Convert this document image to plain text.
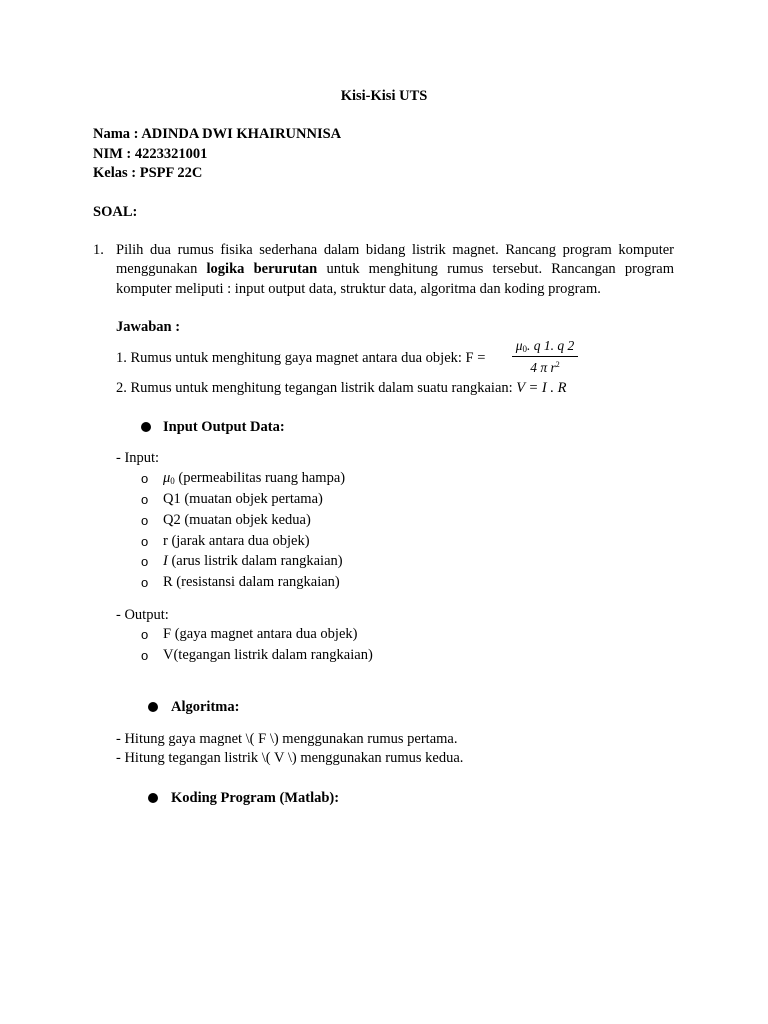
Kisi-Kisi UTS
Nama : ADINDA DWI KHAIRUNNISA
NIM : 4223321001
Kelas : PSPF 22C
SOAL:
1. Pilih dua rumus fisika sederhana dalam bidang listrik magnet. Rancang program komputer menggunakan logika berurutan untuk menghitung rumus tersebut. Rancangan program komputer meliputi : input output data, struktur data, algoritma dan koding program.
Jawaban :
1. Rumus untuk menghitung gaya magnet antara dua objek: F =
$\mu_0$. q 1. q 2
4 π $r^2$
2. Rumus untuk menghitung tegangan listrik dalam suatu rangkaian: V = I . R
Input Output Data:
- Input:
o $\mu_0$ (permeabilitas ruang hampa)
o Q1 (muatan objek pertama)
o Q2 (muatan objek kedua)
o r (jarak antara dua objek)
o I (arus listrik dalam rangkaian)
o R (resistansi dalam rangkaian)
- Output:
o F (gaya magnet antara dua objek)
o V(tegangan listrik dalam rangkaian)
Algoritma:
- Hitung gaya magnet \( F \) menggunakan rumus pertama.
- Hitung tegangan listrik \( V \) menggunakan rumus kedua.
Koding Program (Matlab):
